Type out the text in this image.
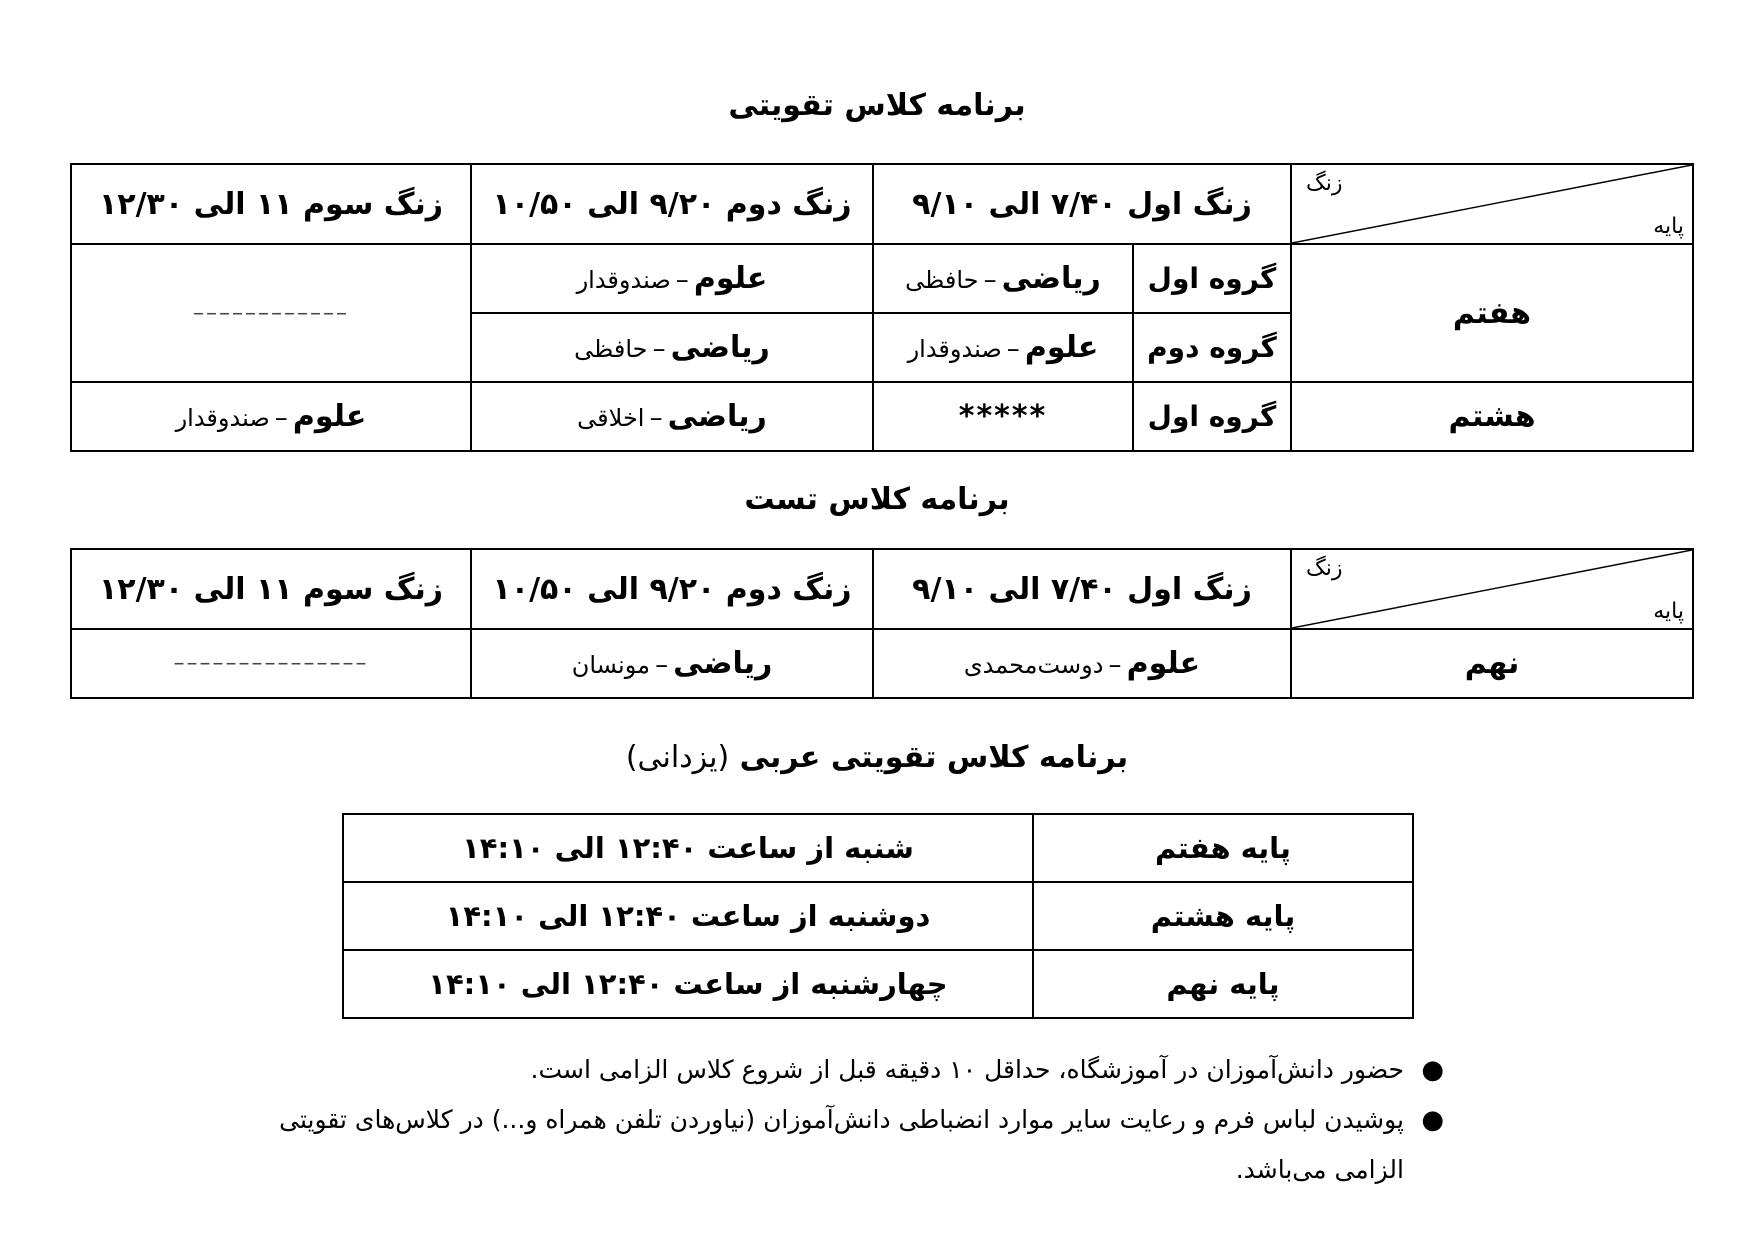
برنامه کلاس تقویتی
زنگ
پایه	زنگ اول ۷/۴۰ الی ۹/۱۰		زنگ دوم ۹/۲۰ الی ۱۰/۵۰	زنگ سوم ۱۱ الی ۱۲/۳۰
هفتم	گروه اول	ریاضی – حافظی	علوم – صندوقدار	––––––––––––
	گروه دوم	علوم – صندوقدار	ریاضی – حافظی	
هشتم	گروه اول	*****	ریاضی – اخلاقی	علوم – صندوقدار
برنامه کلاس تست
زنگ
پایه	زنگ اول ۷/۴۰ الی ۹/۱۰	زنگ دوم ۹/۲۰ الی ۱۰/۵۰	زنگ سوم ۱۱ الی ۱۲/۳۰
نهم	علوم – دوست‌محمدی	ریاضی – مونسان	–––––––––––––––
برنامه کلاس تقویتی عربی (یزدانی)
پایه هفتم	شنبه از ساعت ۱۲:۴۰ الی ۱۴:۱۰
پایه هشتم	دوشنبه از ساعت ۱۲:۴۰ الی ۱۴:۱۰
پایه نهم	چهارشنبه از ساعت ۱۲:۴۰ الی ۱۴:۱۰
●
حضور دانش‌آموزان در آموزشگاه، حداقل ۱۰ دقیقه قبل از شروع کلاس الزامی است.
●
پوشیدن لباس فرم و رعایت سایر موارد انضباطی دانش‌آموزان (نیاوردن تلفن همراه و...) در کلاس‌های تقویتی الزامی می‌باشد.
